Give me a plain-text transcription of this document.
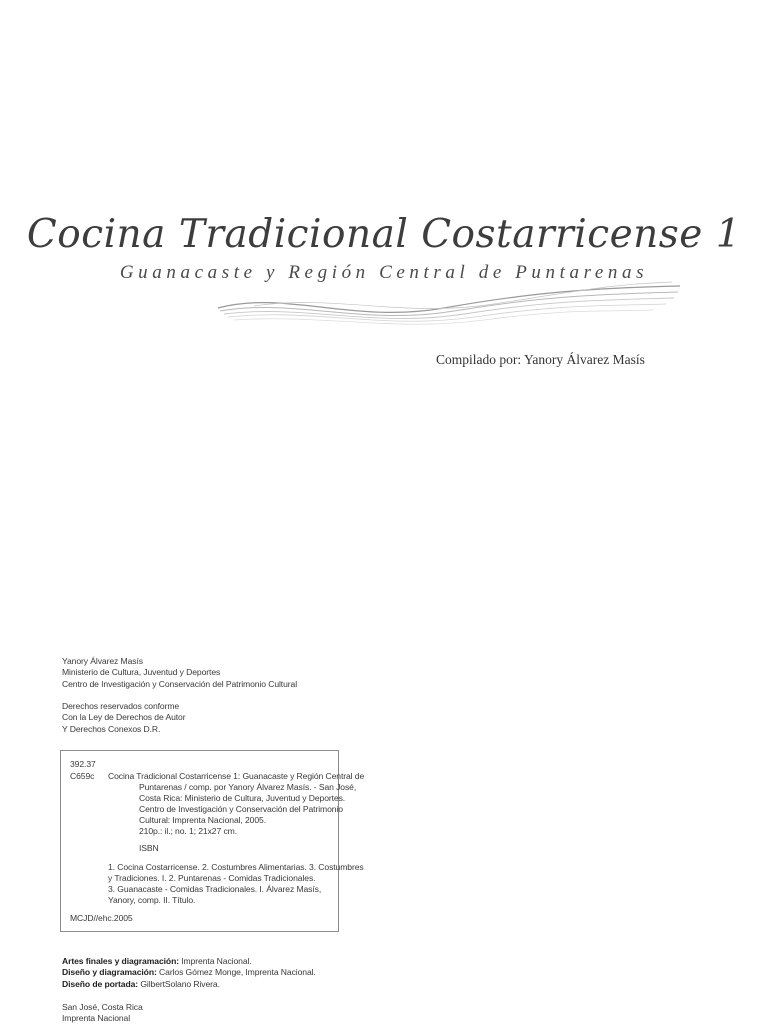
Cocina Tradicional Costarricense 1
Guanacaste y Región Central de Puntarenas
Compilado por: Yanory Álvarez Masís
Yanory Álvarez Masís
Ministerio de Cultura, Juventud y Deportes
Centro de Investigación y Conservación del Patrimonio Cultural
Derechos reservados conforme
Con la Ley de Derechos de Autor
Y Derechos Conexos D.R.
392.37
C659c Cocina Tradicional Costarricense 1: Guanacaste y Región Central de
Puntarenas / comp. por Yanory Álvarez Masís. - San José,
Costa Rica: Ministerio de Cultura, Juventud y Deportes.
Centro de Investigación y Conservación del Patrimonio
Cultural: Imprenta Nacional, 2005.
210p.: il.; no. 1; 21x27 cm.
ISBN
1. Cocina Costarricense. 2. Costumbres Alimentarias. 3. Costumbres
y Tradiciones. I. 2. Puntarenas - Comidas Tradicionales.
3. Guanacaste - Comidas Tradicionales. I. Álvarez Masís,
Yanory, comp. II. Título.
MCJD//ehc.2005
Artes finales y diagramación: Imprenta Nacional.
Diseño y diagramación: Carlos Gómez Monge, Imprenta Nacional.
Diseño de portada: GilbertSolano Rivera.
San José, Costa Rica
Imprenta Nacional
